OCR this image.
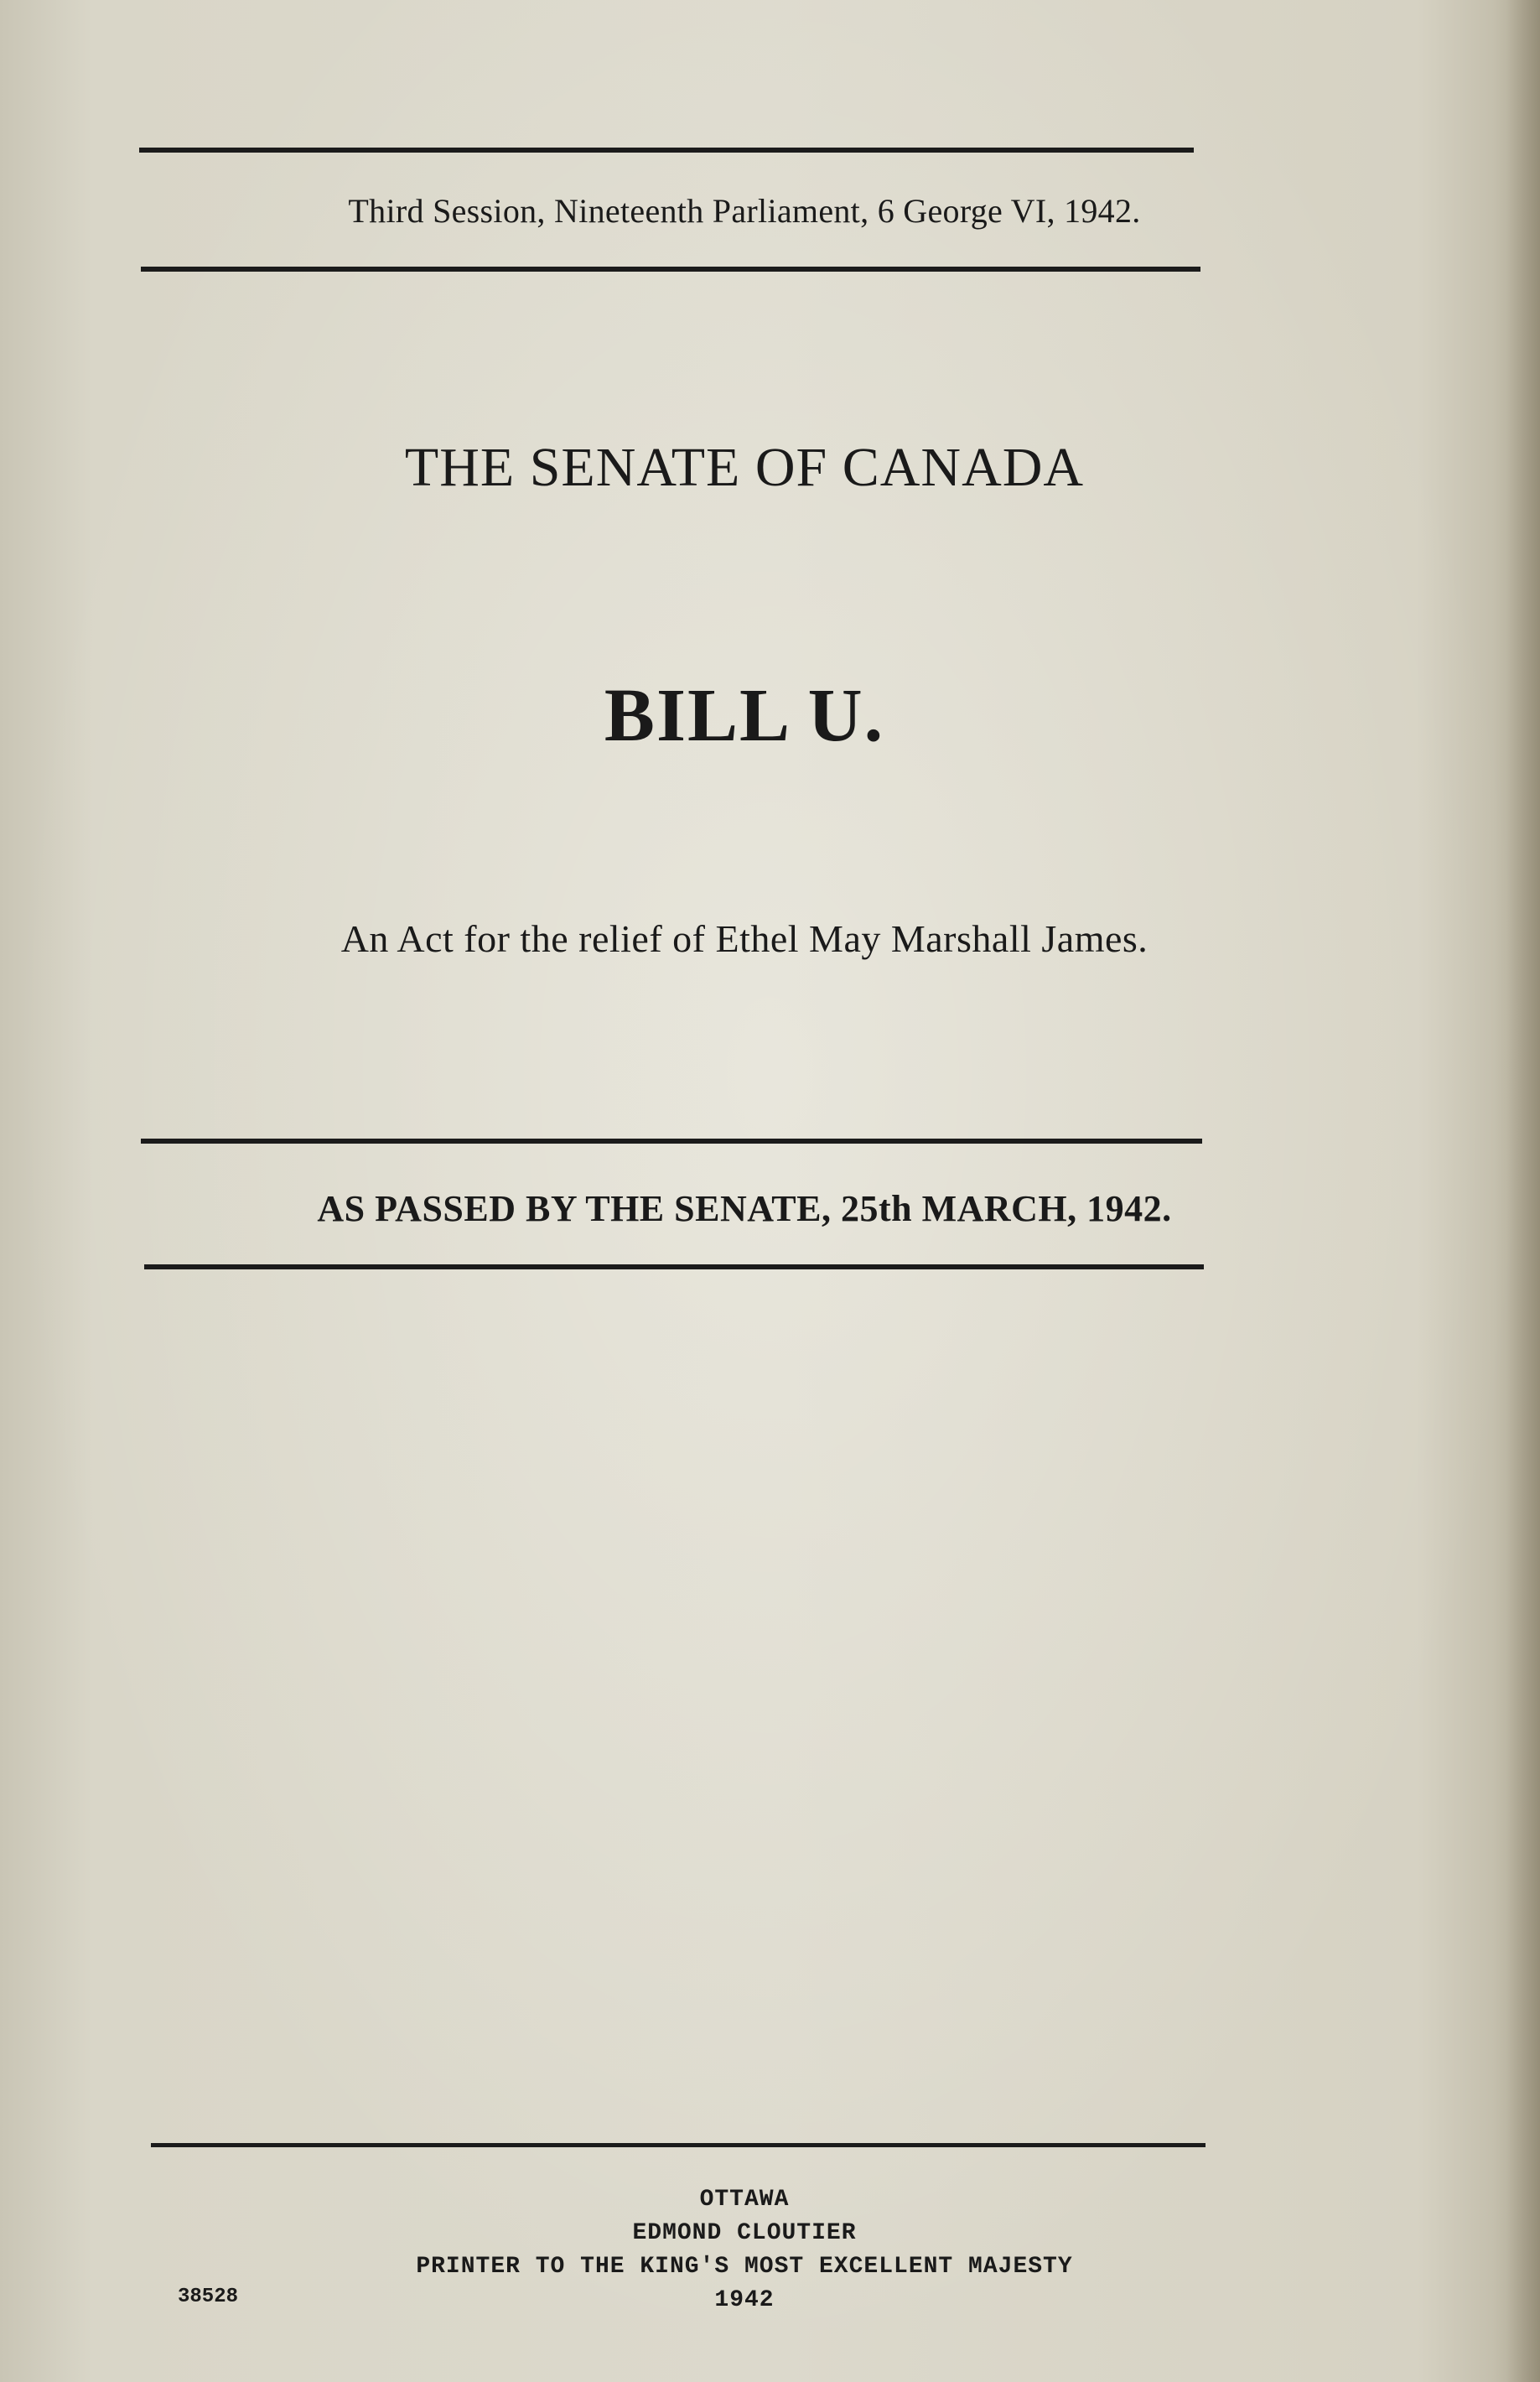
Third Session, Nineteenth Parliament, 6 George VI, 1942.
THE SENATE OF CANADA
BILL U.
An Act for the relief of Ethel May Marshall James.
AS PASSED BY THE SENATE, 25th MARCH, 1942.
OTTAWA
EDMOND CLOUTIER
PRINTER TO THE KING'S MOST EXCELLENT MAJESTY
1942
38528
